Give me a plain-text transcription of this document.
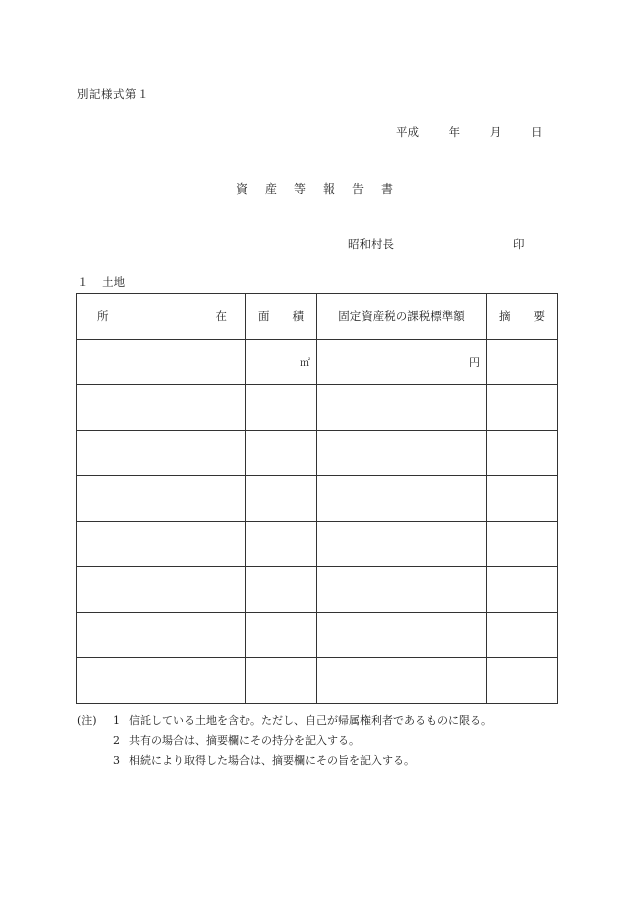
別記様式第１
平成	年	月	日
資産等報告書
昭和村長	印
１ 土地
所 在	面 積	固定資産税の課税標準額	摘 要

	㎡	円	

(注) 1 信託している土地を含む。ただし、自己が帰属権利者であるものに限る。
2 共有の場合は、摘要欄にその持分を記入する。
3 相続により取得した場合は、摘要欄にその旨を記入する。
